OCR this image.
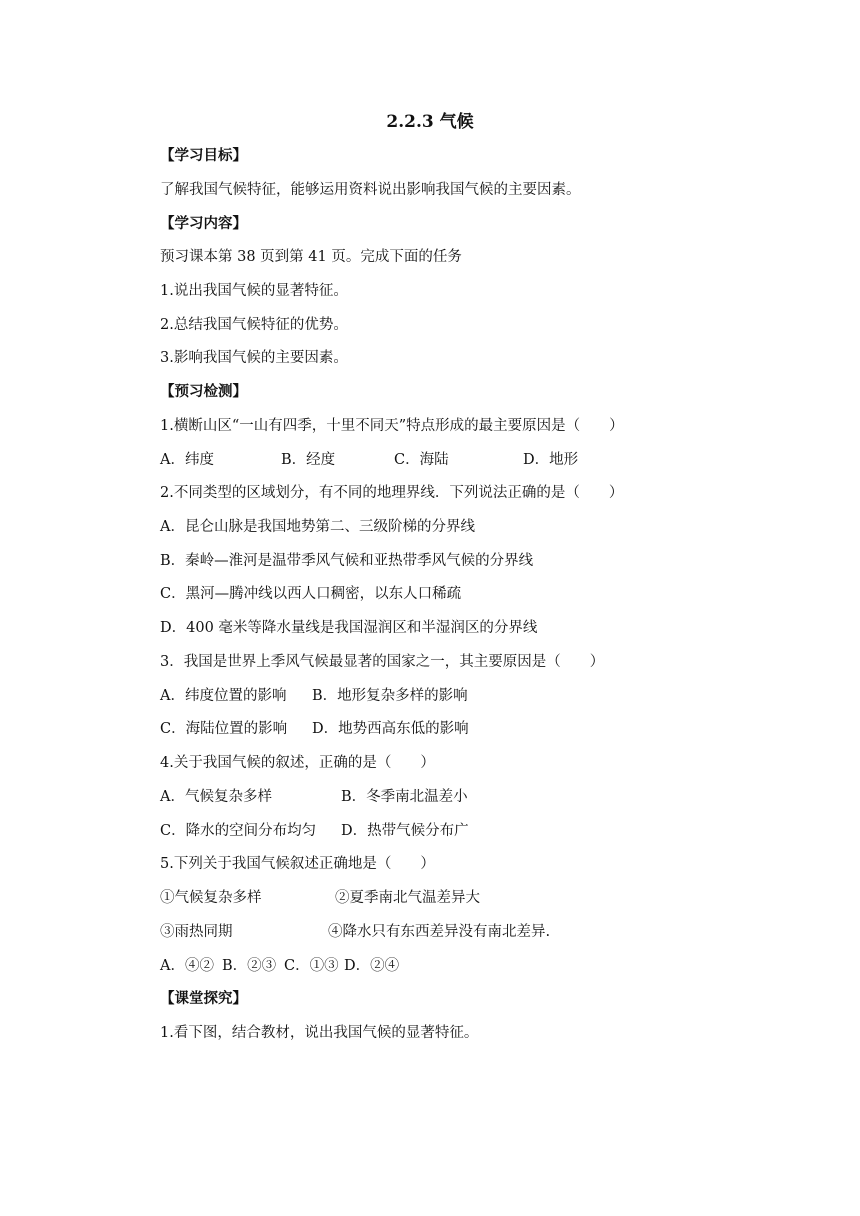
2.2.3 气候
【学习目标】
了解我国气候特征，能够运用资料说出影响我国气候的主要因素。
【学习内容】
预习课本第 38 页到第 41 页。完成下面的任务
1.说出我国气候的显著特征。
2.总结我国气候特征的优势。
3.影响我国气候的主要因素。
【预习检测】
1.横断山区“一山有四季，十里不同天”特点形成的最主要原因是（　　）
A．纬度	B．经度	C．海陆	D．地形
2.不同类型的区域划分，有不同的地理界线．下列说法正确的是（　　）
A．昆仑山脉是我国地势第二、三级阶梯的分界线
B．秦岭—淮河是温带季风气候和亚热带季风气候的分界线
C．黑河—腾冲线以西人口稠密，以东人口稀疏
D．400 毫米等降水量线是我国湿润区和半湿润区的分界线
3．我国是世界上季风气候最显著的国家之一，其主要原因是（　　）
A．纬度位置的影响 B．地形复杂多样的影响
C．海陆位置的影响 D．地势西高东低的影响
4.关于我国气候的叙述，正确的是（　　）
A．气候复杂多样	B．冬季南北温差小
C．降水的空间分布均匀 D．热带气候分布广
5.下列关于我国气候叙述正确地是（　　）
①气候复杂多样	②夏季南北气温差异大
③雨热同期	④降水只有东西差异没有南北差异.
A．④② B．②③ C．①③ D．②④
【课堂探究】
1.看下图，结合教材，说出我国气候的显著特征。
